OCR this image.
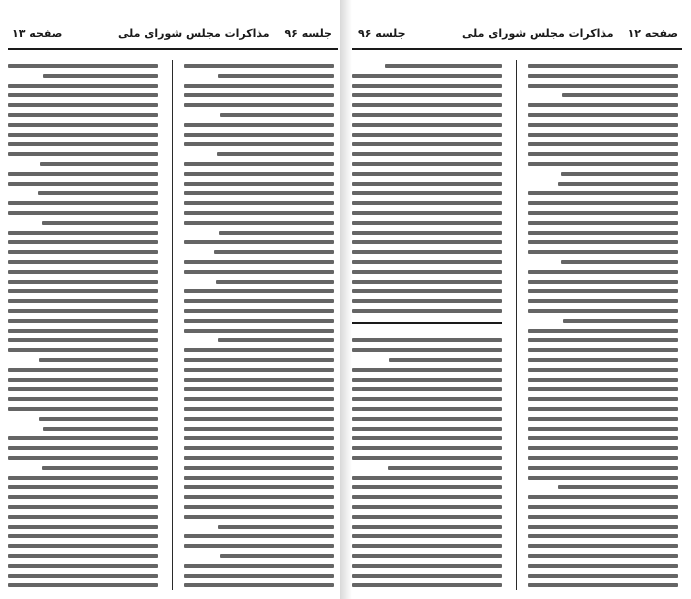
صفحه ۱۳	مذاکرات مجلس شورای ملی جلسه ۹۶ جلسه ۹۶	مذاکرات مجلس شورای ملی صفحه ۱۲
